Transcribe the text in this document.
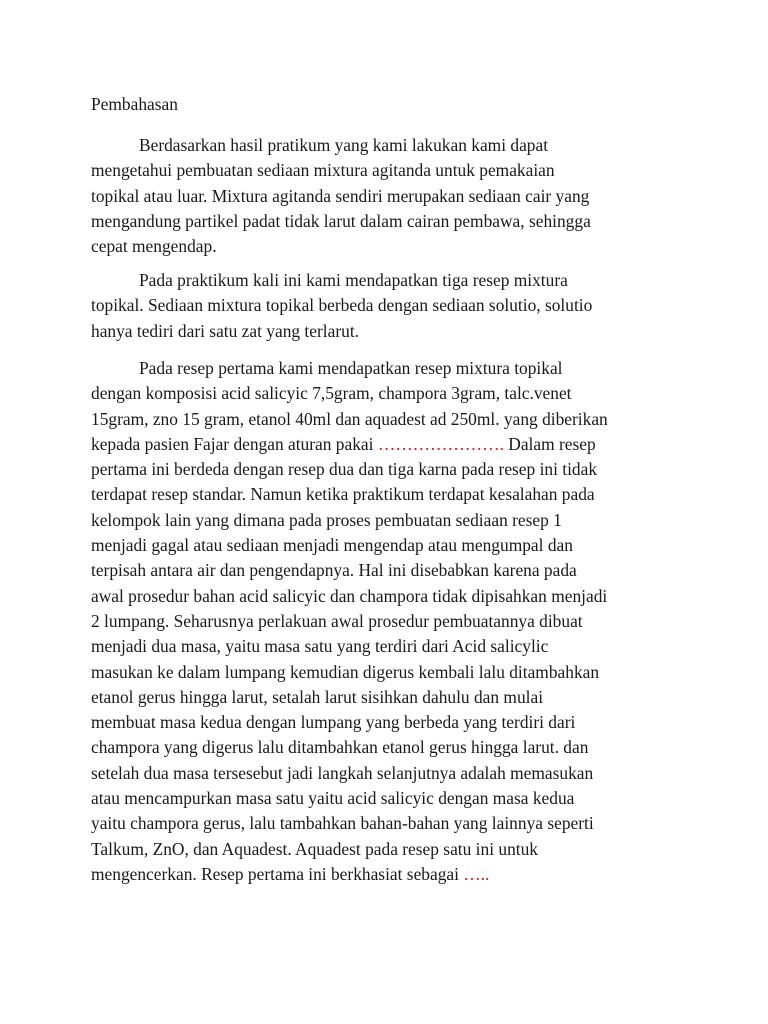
Pembahasan

Berdasarkan hasil pratikum yang kami lakukan kami dapat
mengetahui pembuatan sediaan mixtura agitanda untuk pemakaian
topikal atau luar. Mixtura agitanda sendiri merupakan sediaan cair yang
mengandung partikel padat tidak larut dalam cairan pembawa, sehingga
cepat mengendap.

Pada praktikum kali ini kami mendapatkan tiga resep mixtura
topikal. Sediaan mixtura topikal berbeda dengan sediaan solutio, solutio
hanya tediri dari satu zat yang terlarut.

Pada resep pertama kami mendapatkan resep mixtura topikal
dengan komposisi acid salicyic 7,5gram, champora 3gram, talc.venet
15gram, zno 15 gram, etanol 40ml dan aquadest ad 250ml. yang diberikan
kepada pasien Fajar dengan aturan pakai …………………. Dalam resep
pertama ini berdeda dengan resep dua dan tiga karna pada resep ini tidak
terdapat resep standar. Namun ketika praktikum terdapat kesalahan pada
kelompok lain yang dimana pada proses pembuatan sediaan resep 1
menjadi gagal atau sediaan menjadi mengendap atau mengumpal dan
terpisah antara air dan pengendapnya. Hal ini disebabkan karena pada
awal prosedur bahan acid salicyic dan champora tidak dipisahkan menjadi
2 lumpang. Seharusnya perlakuan awal prosedur pembuatannya dibuat
menjadi dua masa, yaitu masa satu yang terdiri dari Acid salicylic
masukan ke dalam lumpang kemudian digerus kembali lalu ditambahkan
etanol gerus hingga larut, setalah larut sisihkan dahulu dan mulai
membuat masa kedua dengan lumpang yang berbeda yang terdiri dari
champora yang digerus lalu ditambahkan etanol gerus hingga larut. dan
setelah dua masa tersesebut jadi langkah selanjutnya adalah memasukan
atau mencampurkan masa satu yaitu acid salicyic dengan masa kedua
yaitu champora gerus, lalu tambahkan bahan-bahan yang lainnya seperti
Talkum, ZnO, dan Aquadest. Aquadest pada resep satu ini untuk
mengencerkan. Resep pertama ini berkhasiat sebagai …..
